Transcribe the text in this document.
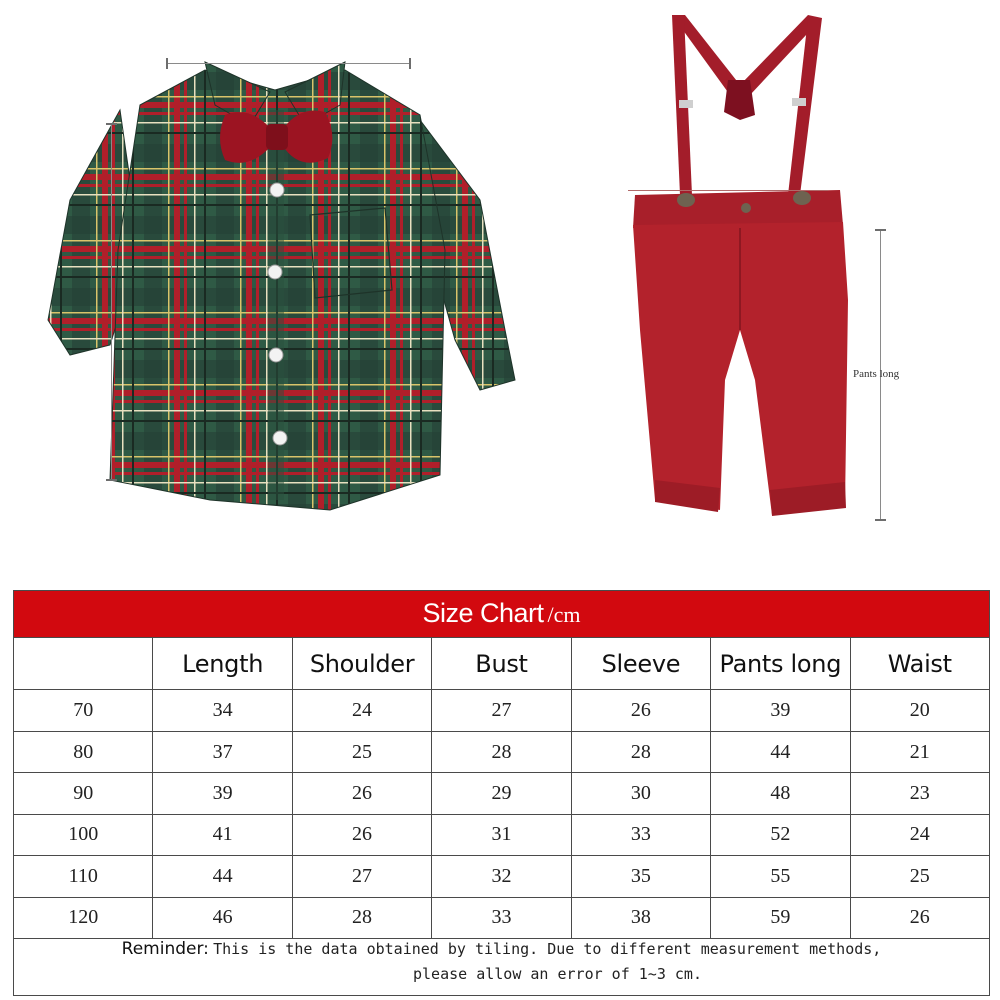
Pants long
Size Chart /cm						
	Length	Shoulder	Bust	Sleeve	Pants long	Waist
70	34	24	27	26	39	20
80	37	25	28	28	44	21
90	39	26	29	30	48	23
100	41	26	31	33	52	24
110	44	27	32	35	55	25
120	46	28	33	38	59	26
Reminder: This is the data obtained by tiling. Due to different measurement methods,
please allow an error of 1~3 cm.						
